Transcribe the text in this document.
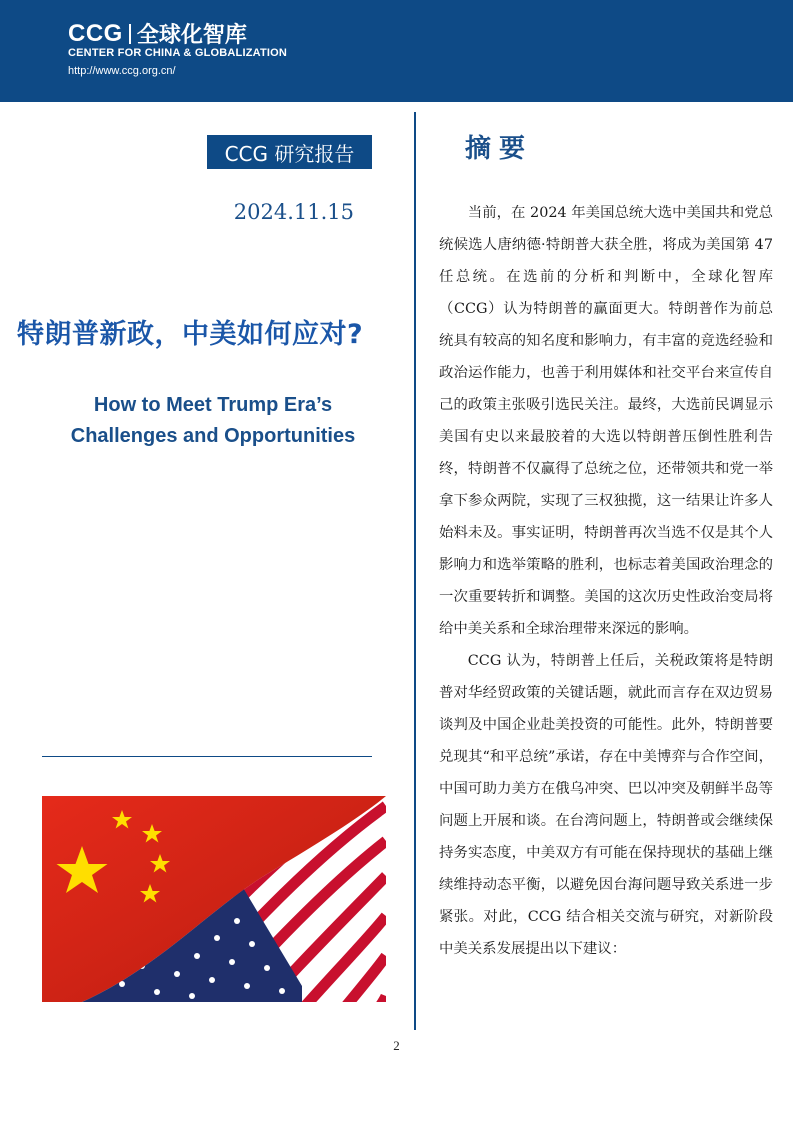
CCG 全球化智库
CENTER FOR CHINA & GLOBALIZATION
http://www.ccg.org.cn/
CCG 研究报告
2024.11.15
特朗普新政，中美如何应对?
How to Meet Trump Era’s
Challenges and Opportunities
摘要

当前，在 2024 年美国总统大选中美国共和党总统候选人唐纳德·特朗普大获全胜，将成为美国第 47 任总统。在选前的分析和判断中，全球化智库（CCG）认为特朗普的赢面更大。特朗普作为前总统具有较高的知名度和影响力，有丰富的竞选经验和政治运作能力，也善于利用媒体和社交平台来宣传自己的政策主张吸引选民关注。最终，大选前民调显示美国有史以来最胶着的大选以特朗普压倒性胜利告终，特朗普不仅赢得了总统之位，还带领共和党一举拿下参众两院，实现了三权独揽，这一结果让许多人始料未及。事实证明，特朗普再次当选不仅是其个人影响力和选举策略的胜利，也标志着美国政治理念的一次重要转折和调整。美国的这次历史性政治变局将给中美关系和全球治理带来深远的影响。

CCG 认为，特朗普上任后，关税政策将是特朗普对华经贸政策的关键话题，就此而言存在双边贸易谈判及中国企业赴美投资的可能性。此外，特朗普要兑现其“和平总统”承诺，存在中美博弈与合作空间，中国可助力美方在俄乌冲突、巴以冲突及朝鲜半岛等问题上开展和谈。在台湾问题上，特朗普或会继续保持务实态度，中美双方有可能在保持现状的基础上继续维持动态平衡，以避免因台海问题导致关系进一步紧张。对此，CCG 结合相关交流与研究，对新阶段中美关系发展提出以下建议：

2
